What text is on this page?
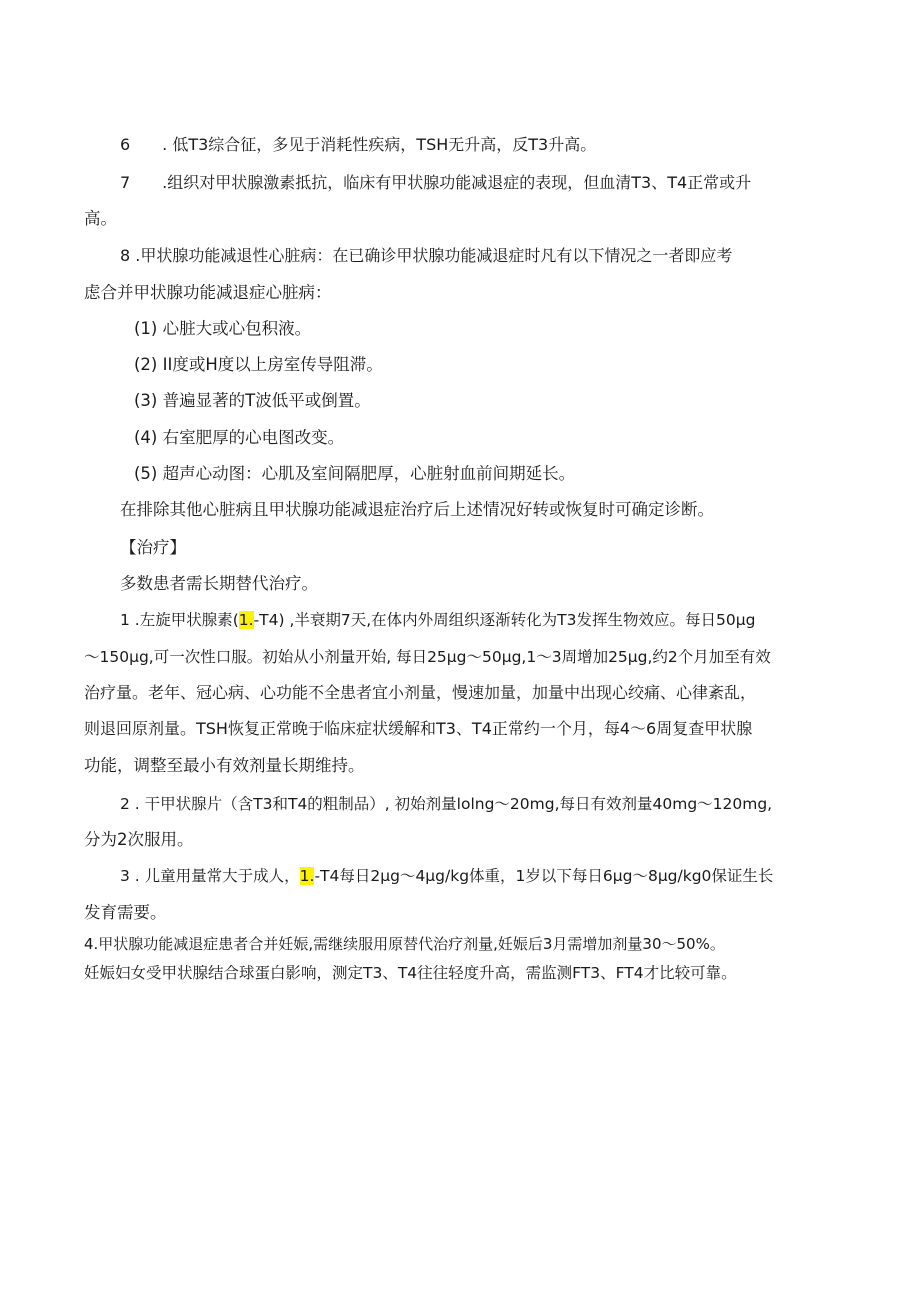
6　　. 低T3综合征，多见于消耗性疾病，TSH无升高，反T3升高。
7　　.组织对甲状腺激素抵抗，临床有甲状腺功能减退症的表现，但血清T3、T4正常或升
高。
8 .甲状腺功能减退性心脏病：在已确诊甲状腺功能减退症时凡有以下情况之一者即应考
虑合并甲状腺功能减退症心脏病：
(1) 心脏大或心包积液。
(2) II度或H度以上房室传导阻滞。
(3) 普遍显著的T波低平或倒置。
(4) 右室肥厚的心电图改变。
(5) 超声心动图：心肌及室间隔肥厚，心脏射血前间期延长。
在排除其他心脏病且甲状腺功能减退症治疗后上述情况好转或恢复时可确定诊断。
【治疗】
多数患者需长期替代治疗。
1 .左旋甲状腺素(1.-T4) ,半衰期7天,在体内外周组织逐渐转化为T3发挥生物效应。每日50μg
〜150μg,可一次性口服。初始从小剂量开始, 每日25μg〜50μg,1〜3周增加25μg,约2个月加至有效
治疗量。老年、冠心病、心功能不全患者宜小剂量，慢速加量，加量中出现心绞痛、心律紊乱，
则退回原剂量。TSH恢复正常晚于临床症状缓解和T3、T4正常约一个月，每4〜6周复查甲状腺
功能，调整至最小有效剂量长期维持。
2 . 干甲状腺片（含T3和T4的粗制品）, 初始剂量lolng〜20mg,每日有效剂量40mg〜120mg,
分为2次服用。
3 . 儿童用量常大于成人，1.-T4每日2μg〜4μg∕kg体重，1岁以下每日6μg〜8μg∕kg0保证生长
发育需要。
4.甲状腺功能减退症患者合并妊娠,需继续服用原替代治疗剂量,妊娠后3月需增加剂量30〜50%。
妊娠妇女受甲状腺结合球蛋白影响，测定T3、T4往往轻度升高，需监测FT3、FT4才比较可靠。
